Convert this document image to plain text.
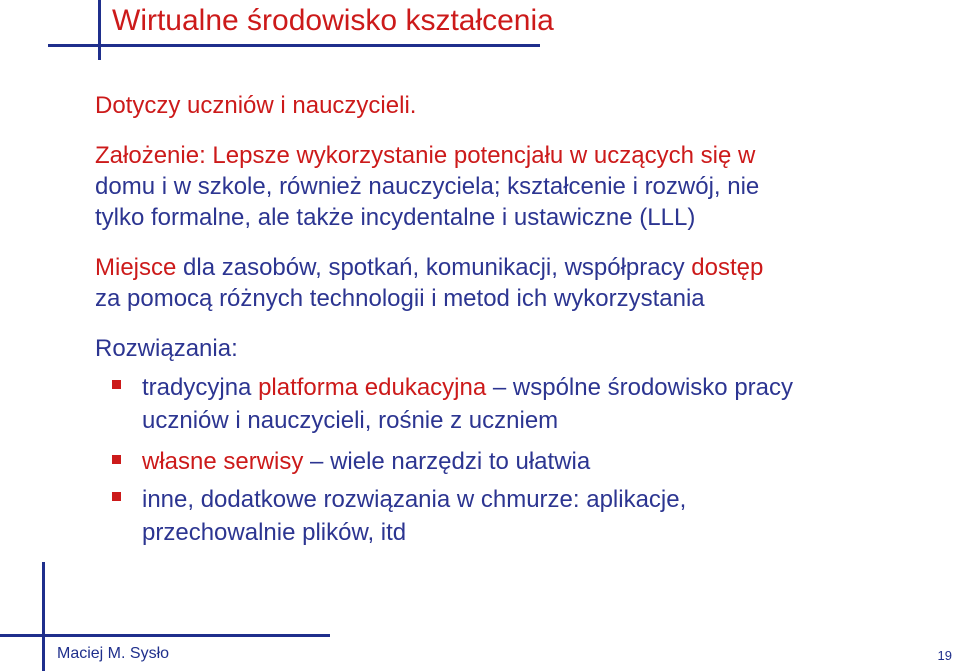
Wirtualne środowisko kształcenia
Dotyczy uczniów i nauczycieli.
Założenie: Lepsze wykorzystanie potencjału w uczących się w
domu i w szkole, również nauczyciela; kształcenie i rozwój, nie
tylko formalne, ale także incydentalne i ustawiczne (LLL)
Miejsce dla zasobów, spotkań, komunikacji, współpracy dostęp
za pomocą różnych technologii i metod ich wykorzystania
Rozwiązania:
tradycyjna platforma edukacyjna – wspólne środowisko pracy
uczniów i nauczycieli, rośnie z uczniem
własne serwisy – wiele narzędzi to ułatwia
inne, dodatkowe rozwiązania w chmurze: aplikacje,
przechowalnie plików, itd
Maciej M. Sysło	19
